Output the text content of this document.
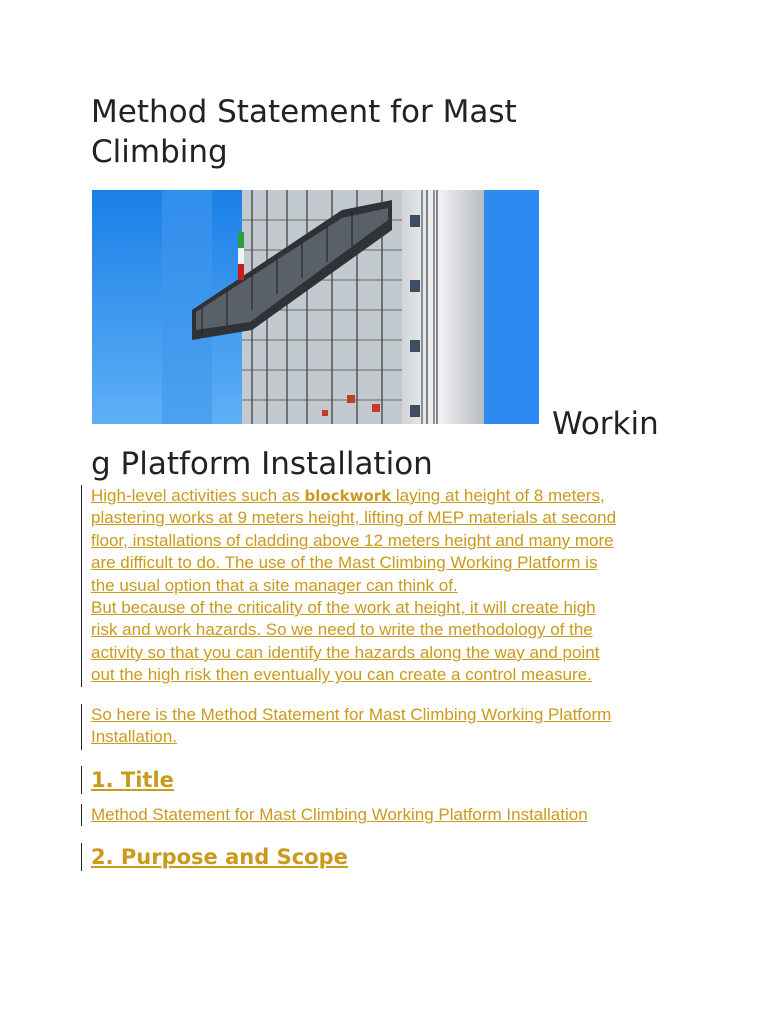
Method Statement for Mast
Climbing
Workin
g Platform Installation

High-level activities such as blockwork laying at height of 8 meters,
plastering works at 9 meters height, lifting of MEP materials at second
floor, installations of cladding above 12 meters height and many more
are difficult to do. The use of the Mast Climbing Working Platform is
the usual option that a site manager can think of.

But because of the criticality of the work at height, it will create high
risk and work hazards. So we need to write the methodology of the
activity so that you can identify the hazards along the way and point
out the high risk then eventually you can create a control measure.

So here is the Method Statement for Mast Climbing Working Platform
Installation.

1. Title

Method Statement for Mast Climbing Working Platform Installation

2. Purpose and Scope
